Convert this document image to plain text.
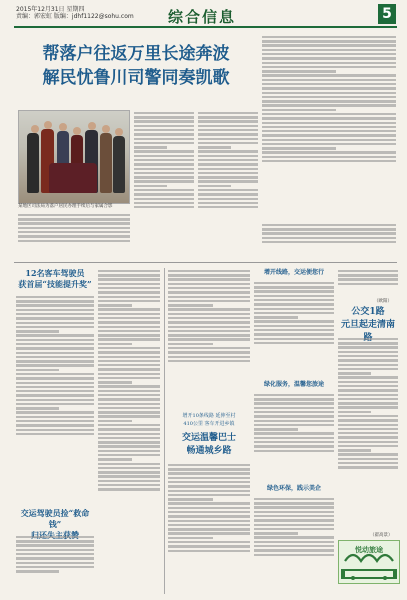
2015年12月31日 星期四
责编：郭宏虹 版编：jdhf1122@sohu.com 综合信息	5
帮落户往返万里长途奔波
解民忧鲁川司警同奏凯歌
某地区司法局为落户居民办理手续后与家属合影
12名客车驾驶员
获首届“技能提升奖”
交运驾驶员捡“救命钱”
增开10条线路 延伸至村
410公里 客车开进乡镇
交运温馨巴士
畅通城乡路
增开线路，交运便您行
绿化服务，温馨您旅途
绿色环保，践示美企
（欧阳）
公交1路
元旦起走清南
（翟高景）
悦动旅途
